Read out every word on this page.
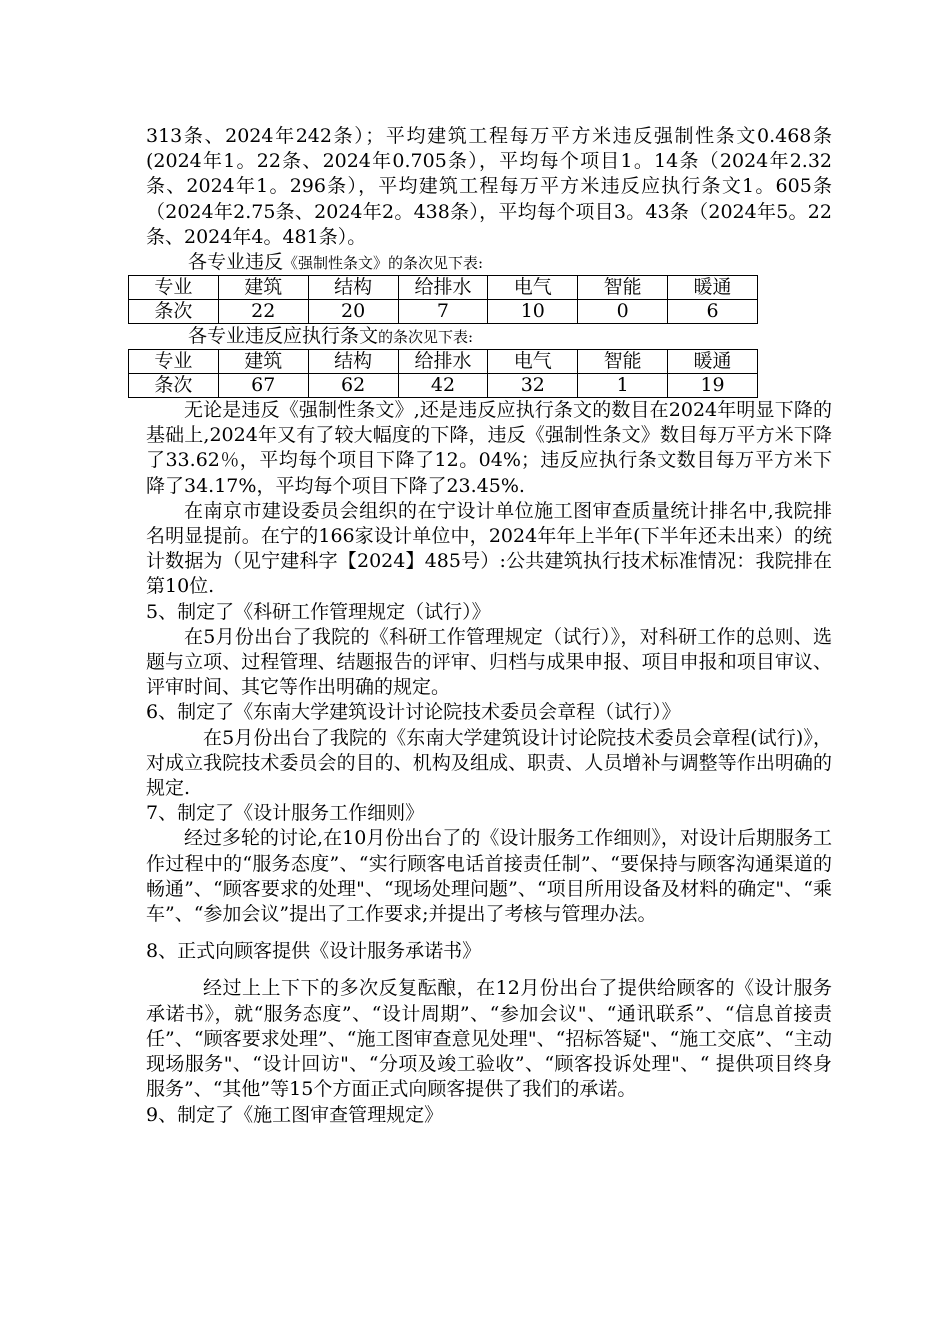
313条、2024年242条）；平均建筑工程每万平方米违反强制性条文0.468条(2024年1。22条、2024年0.705条），平均每个项目1。14条（2024年2.32条、2024年1。296条），平均建筑工程每万平方米违反应执行条文1。605条（2024年2.75条、2024年2。438条），平均每个项目3。43条（2024年5。22条、2024年4。481条）。

各专业违反《强制性条文》的条次见下表:

专业	建筑	结构	给排水	电气	智能	暖通
条次	22	20	7	10	0	6

各专业违反应执行条文的条次见下表:

专业	建筑	结构	给排水	电气	智能	暖通
条次	67	62	42	32	1	19

无论是违反《强制性条文》,还是违反应执行条文的数目在2024年明显下降的基础上,2024年又有了较大幅度的下降，违反《强制性条文》数目每万平方米下降了33.62％，平均每个项目下降了12。04%；违反应执行条文数目每万平方米下降了34.17%，平均每个项目下降了23.45%.

在南京市建设委员会组织的在宁设计单位施工图审查质量统计排名中,我院排名明显提前。在宁的166家设计单位中，2024年年上半年(下半年还未出来）的统计数据为（见宁建科字【2024】485号）:公共建筑执行技术标准情况：我院排在第10位.

5、制定了《科研工作管理规定（试行）》

在5月份出台了我院的《科研工作管理规定（试行）》，对科研工作的总则、选题与立项、过程管理、结题报告的评审、归档与成果申报、项目申报和项目审议、评审时间、其它等作出明确的规定。

6、制定了《东南大学建筑设计讨论院技术委员会章程（试行）》

在5月份出台了我院的《东南大学建筑设计讨论院技术委员会章程(试行)》，对成立我院技术委员会的目的、机构及组成、职责、人员增补与调整等作出明确的规定.

7、制定了《设计服务工作细则》

经过多轮的讨论,在10月份出台了的《设计服务工作细则》，对设计后期服务工作过程中的“服务态度”、“实行顾客电话首接责任制”、“要保持与顾客沟通渠道的畅通”、“顾客要求的处理"、“现场处理问题”、“项目所用设备及材料的确定"、“乘车”、“参加会议”提出了工作要求;并提出了考核与管理办法。

8、正式向顾客提供《设计服务承诺书》

经过上上下下的多次反复酝酿，在12月份出台了提供给顾客的《设计服务承诺书》，就“服务态度”、“设计周期”、“参加会议"、“通讯联系”、“信息首接责任”、“顾客要求处理”、“施工图审查意见处理"、“招标答疑"、“施工交底”、“主动现场服务"、“设计回访"、“分项及竣工验收”、“顾客投诉处理"、“ 提供项目终身服务”、“其他”等15个方面正式向顾客提供了我们的承诺。

9、制定了《施工图审查管理规定》
